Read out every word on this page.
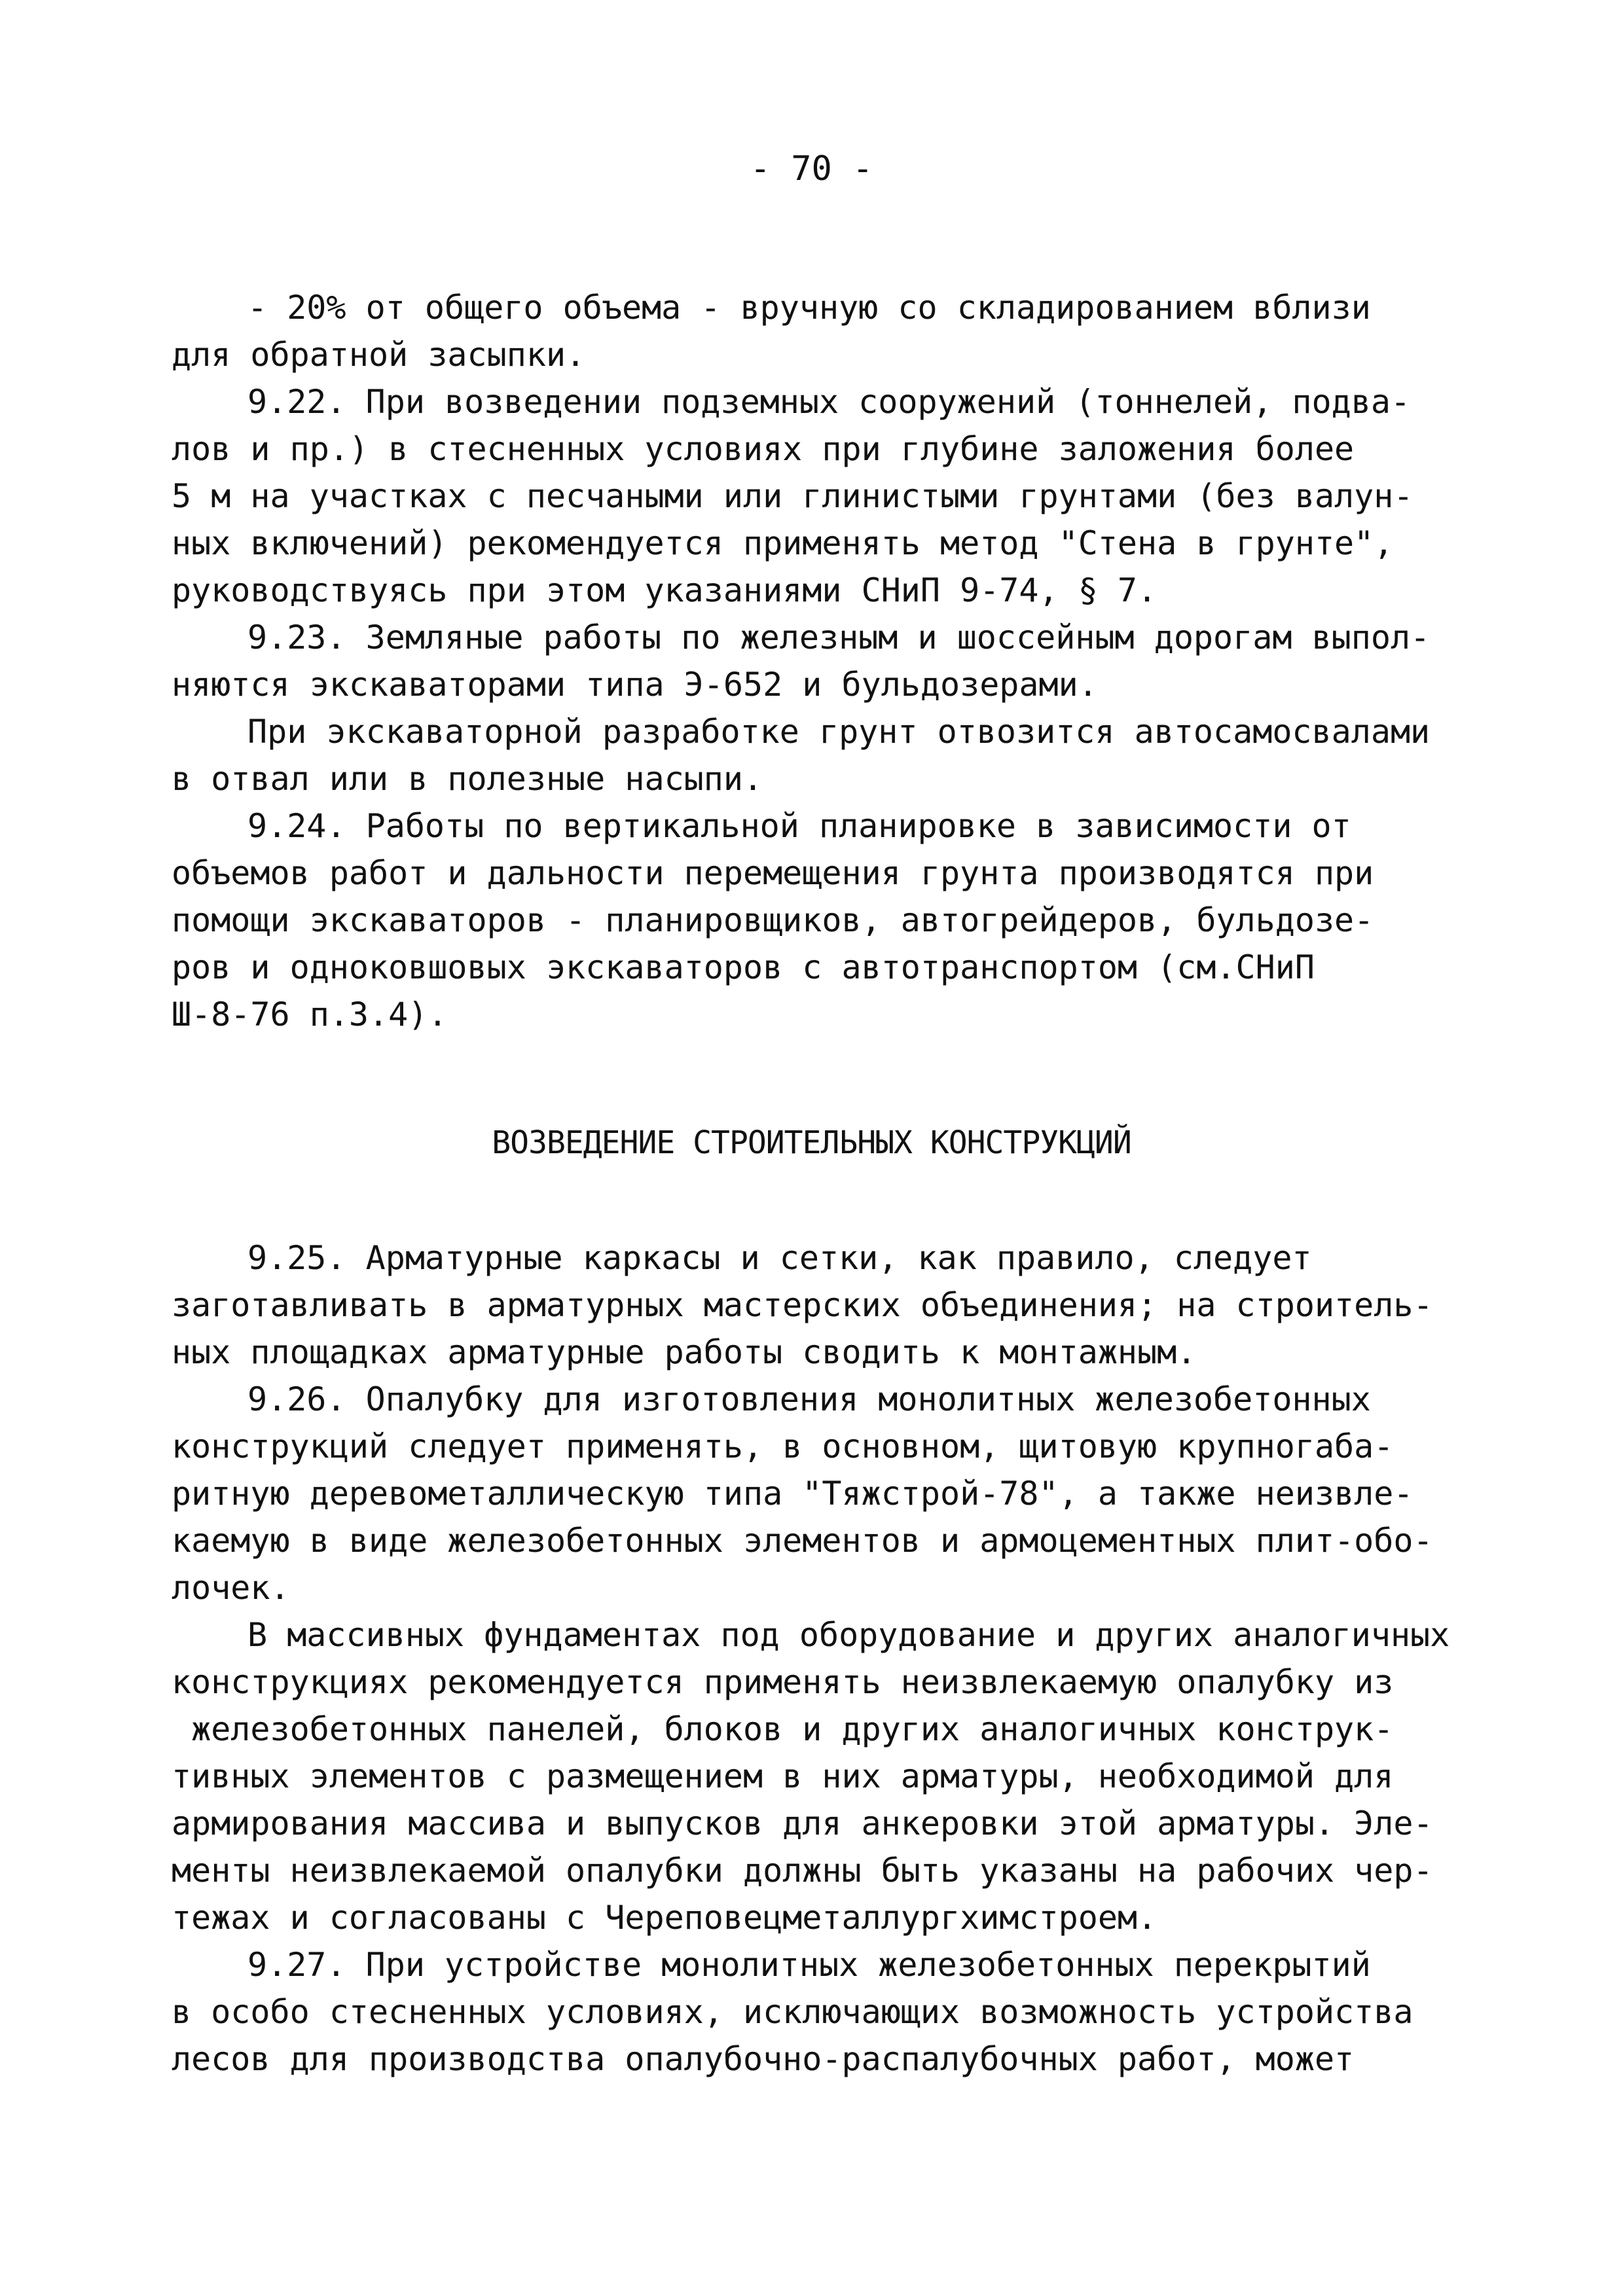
- 70 -
- 20% от общего объема - вручную со складированием вблизи
для обратной засыпки.
9.22. При возведении подземных сооружений (тоннелей, подва-
лов и пр.) в стесненных условиях при глубине заложения более
5 м на участках с песчаными или глинистыми грунтами (без валун-
ных включений) рекомендуется применять метод "Стена в грунте",
руководствуясь при этом указаниями СНиП 9-74, § 7.
9.23. Земляные работы по железным и шоссейным дорогам выпол-
няются экскаваторами типа Э-652 и бульдозерами.
При экскаваторной разработке грунт отвозится автосамосвалами
в отвал или в полезные насыпи.
9.24. Работы по вертикальной планировке в зависимости от
объемов работ и дальности перемещения грунта производятся при
помощи экскаваторов - планировщиков, автогрейдеров, бульдозе-
ров и одноковшовых экскаваторов с автотранспортом (см.СНиП
Ш-8-76 п.3.4).
ВОЗВЕДЕНИЕ СТРОИТЕЛЬНЫХ КОНСТРУКЦИЙ
9.25. Арматурные каркасы и сетки, как правило, следует
заготавливать в арматурных мастерских объединения; на строитель-
ных площадках арматурные работы сводить к монтажным.
9.26. Опалубку для изготовления монолитных железобетонных
конструкций следует применять, в основном, щитовую крупногаба-
ритную деревометаллическую типа "Тяжстрой-78", а также неизвле-
каемую в виде железобетонных элементов и армоцементных плит-обо-
лочек.
В массивных фундаментах под оборудование и других аналогичных
конструкциях рекомендуется применять неизвлекаемую опалубку из
железобетонных панелей, блоков и других аналогичных конструк-
тивных элементов с размещением в них арматуры, необходимой для
армирования массива и выпусков для анкеровки этой арматуры. Эле-
менты неизвлекаемой опалубки должны быть указаны на рабочих чер-
тежах и согласованы с Череповецметаллургхимстроем.
9.27. При устройстве монолитных железобетонных перекрытий
в особо стесненных условиях, исключающих возможность устройства
лесов для производства опалубочно-распалубочных работ, может
